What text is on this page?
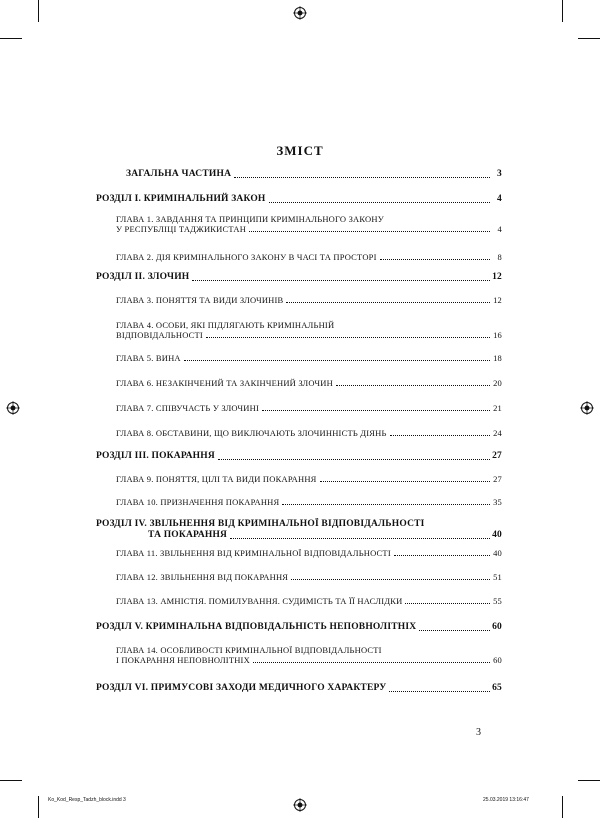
ЗМІСТ
ЗАГАЛЬНА ЧАСТИНА	3
РОЗДІЛ I. КРИМІНАЛЬНИЙ ЗАКОН	4
ГЛАВА 1. ЗАВДАННЯ ТА ПРИНЦИПИ КРИМІНАЛЬНОГО ЗАКОНУ
У РЕСПУБЛІЦІ ТАДЖИКИСТАН	4
ГЛАВА 2. ДІЯ КРИМІНАЛЬНОГО ЗАКОНУ В ЧАСІ ТА ПРОСТОРІ	8
РОЗДІЛ II. ЗЛОЧИН	12
ГЛАВА 3. ПОНЯТТЯ ТА ВИДИ ЗЛОЧИНІВ	12
ГЛАВА 4. ОСОБИ, ЯКІ ПІДЛЯГАЮТЬ КРИМІНАЛЬНІЙ
ВІДПОВІДАЛЬНОСТІ	16
ГЛАВА 5. ВИНА	18
ГЛАВА 6. НЕЗАКІНЧЕНИЙ ТА ЗАКІНЧЕНИЙ ЗЛОЧИН	20
ГЛАВА 7. СПІВУЧАСТЬ У ЗЛОЧИНІ	21
ГЛАВА 8. ОБСТАВИНИ, ЩО ВИКЛЮЧАЮТЬ ЗЛОЧИННІСТЬ ДІЯНЬ	24
РОЗДІЛ III. ПОКАРАННЯ	27
ГЛАВА 9. ПОНЯТТЯ, ЦІЛІ ТА ВИДИ ПОКАРАННЯ	27
ГЛАВА 10. ПРИЗНАЧЕННЯ ПОКАРАННЯ	35
РОЗДІЛ IV. ЗВІЛЬНЕННЯ ВІД КРИМІНАЛЬНОЇ ВІДПОВІДАЛЬНОСТІ
ТА ПОКАРАННЯ	40
ГЛАВА 11. ЗВІЛЬНЕННЯ ВІД КРИМІНАЛЬНОЇ ВІДПОВІДАЛЬНОСТІ	40
ГЛАВА 12. ЗВІЛЬНЕННЯ ВІД ПОКАРАННЯ	51
ГЛАВА 13. АМНІСТІЯ. ПОМИЛУВАННЯ. СУДИМІСТЬ ТА ЇЇ НАСЛІДКИ	55
РОЗДІЛ V. КРИМІНАЛЬНА ВІДПОВІДАЛЬНІСТЬ НЕПОВНОЛІТНІХ	60
ГЛАВА 14. ОСОБЛИВОСТІ КРИМІНАЛЬНОЇ ВІДПОВІДАЛЬНОСТІ
І ПОКАРАННЯ НЕПОВНОЛІТНІХ	60
РОЗДІЛ VI. ПРИМУСОВІ ЗАХОДИ МЕДИЧНОГО ХАРАКТЕРУ	65
3
Ko_Kod_Resp_Tadzh_block.indd 3	25.03.2019 13:16:47
